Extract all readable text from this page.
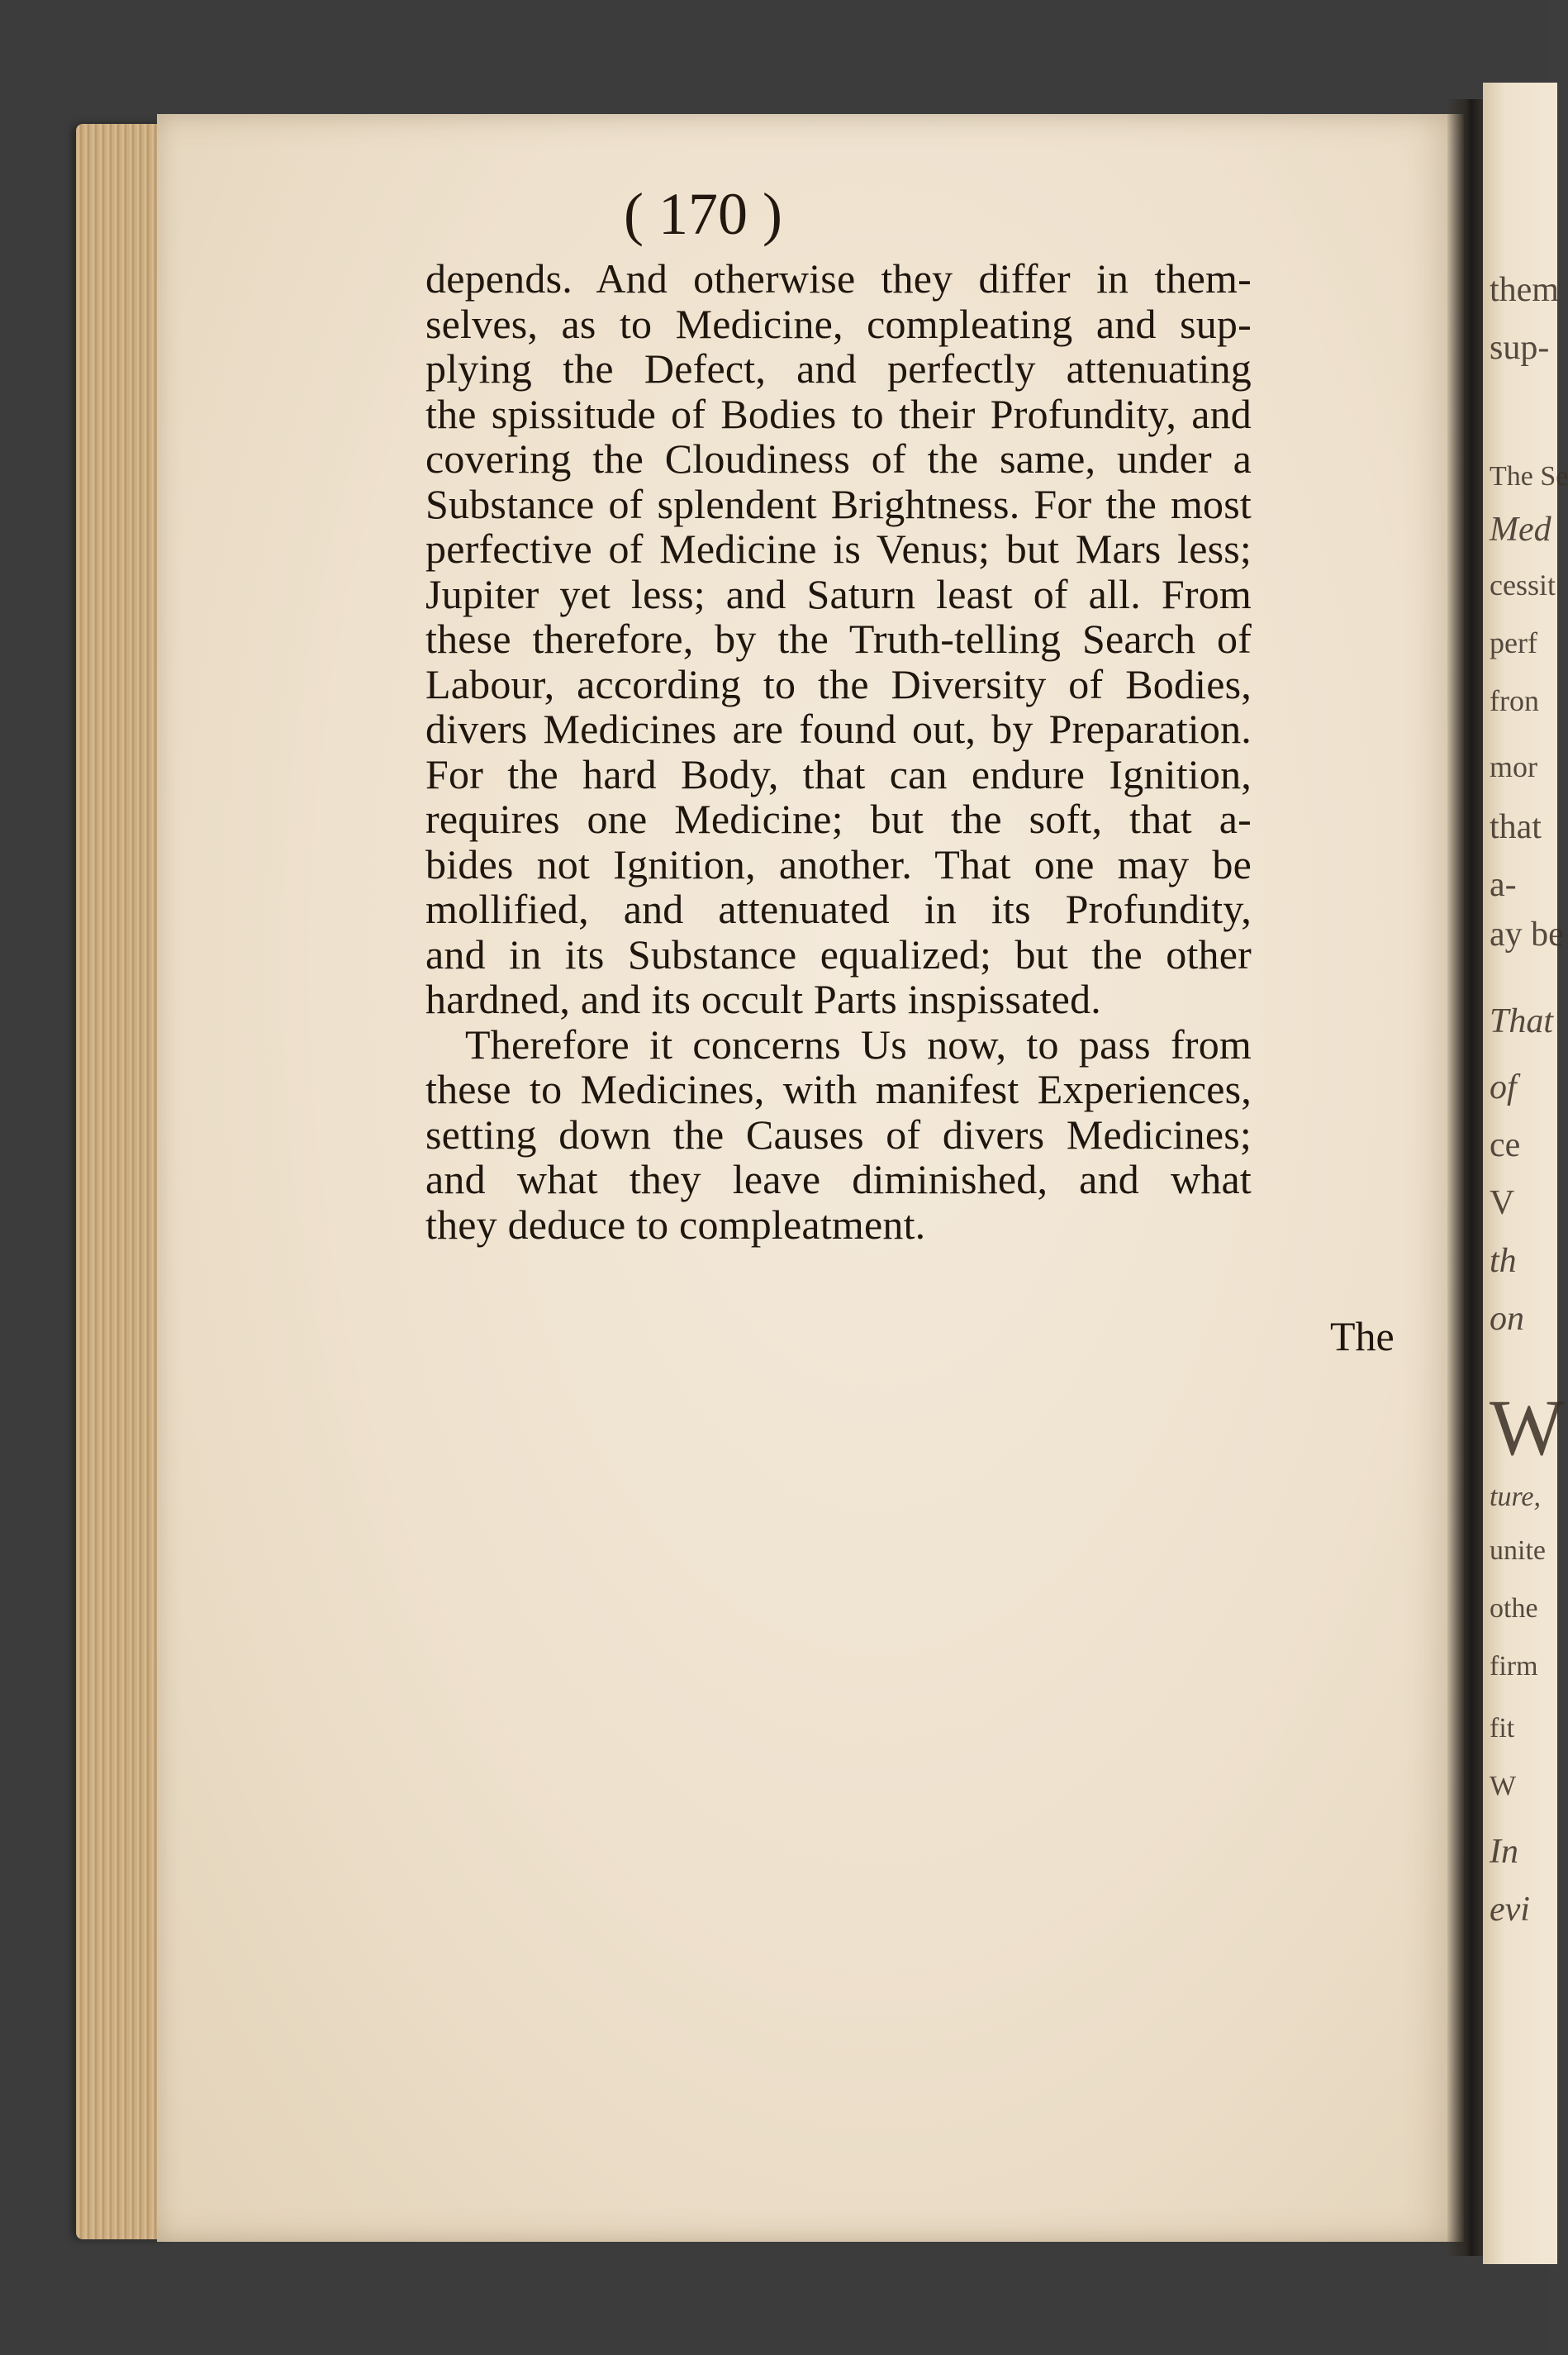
( 170 )
depends. And otherwise they differ in them-
selves, as to Medicine, compleating and sup-
plying the Defect, and perfectly attenuating
the spissitude of Bodies to their Profundity, and
covering the Cloudiness of the same, under a
Substance of splendent Brightness. For the most
perfective of Medicine is Venus; but Mars less;
Jupiter yet less; and Saturn least of all. From
these therefore, by the Truth-telling Search of
Labour, according to the Diversity of Bodies,
divers Medicines are found out, by Preparation.
For the hard Body, that can endure Ignition,
requires one Medicine; but the soft, that a-
bides not Ignition, another. That one may be
mollified, and attenuated in its Profundity,
and in its Substance equalized; but the other
hardned, and its occult Parts inspissated.
Therefore it concerns Us now, to pass from
these to Medicines, with manifest Experiences,
setting down the Causes of divers Medicines;
and what they leave diminished, and what
they deduce to compleatment.
The
them
sup-
The Se
Med
cessit
perf
fron
mor
that
a-
ay be
That
of
ce
V
th
on
W
ture,
unite
othe
firm
fit
W
In
evi
